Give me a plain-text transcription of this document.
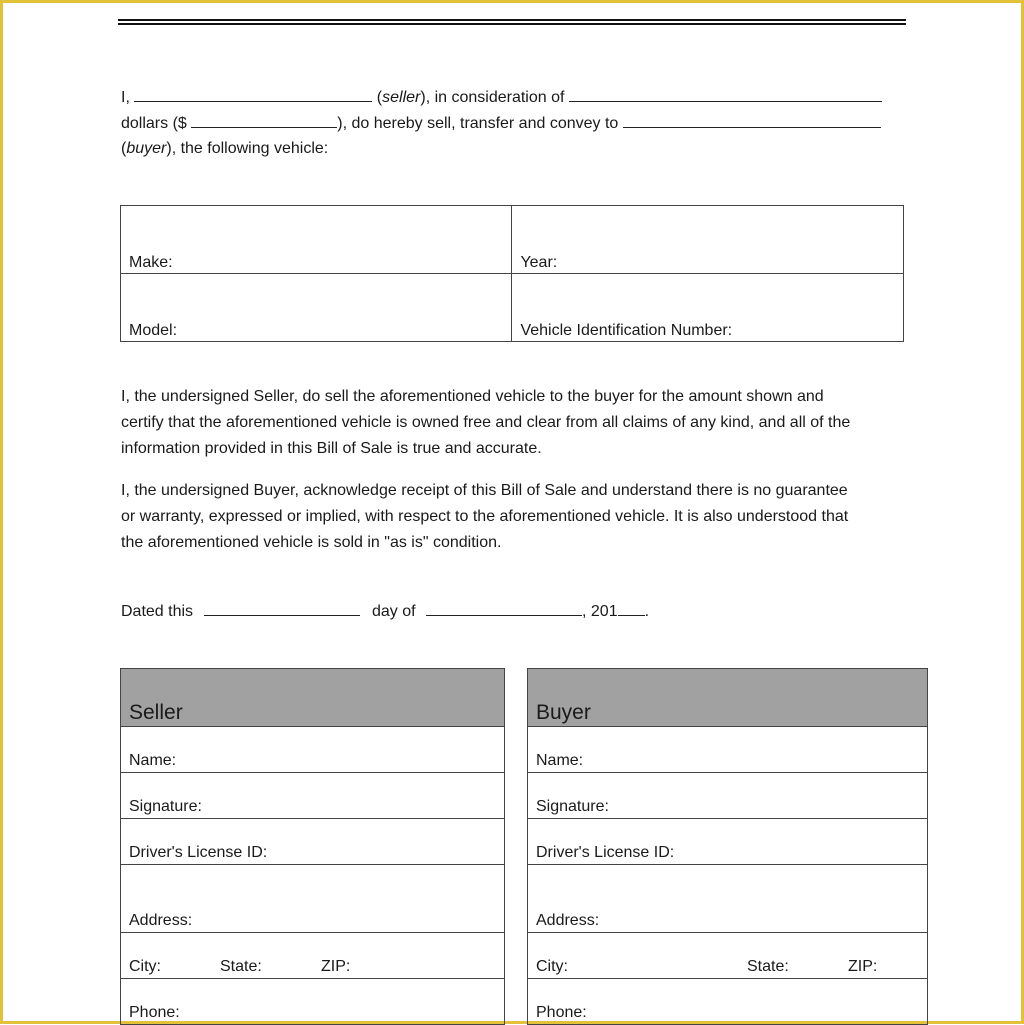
I,	(seller), in consideration of
dollars ($	), do hereby sell, transfer and convey to
(buyer), the following vehicle:
Make:	Year:
Model:	Vehicle Identification Number:
I, the undersigned Seller, do sell the aforementioned vehicle to the buyer for the amount shown and
certify that the aforementioned vehicle is owned free and clear from all claims of any kind, and all of the
information provided in this Bill of Sale is true and accurate.
I, the undersigned Buyer, acknowledge receipt of this Bill of Sale and understand there is no guarantee
or warranty, expressed or implied, with respect to the aforementioned vehicle. It is also understood that
the aforementioned vehicle is sold in "as is" condition.
Dated this	day of	, 201 .
Seller
Name:
Signature:
Driver's License ID:
Address:
City:	State:	ZIP:
Phone:
Buyer
Name:
Signature:
Driver's License ID:
Address:
City:	State:	ZIP:
Phone:
